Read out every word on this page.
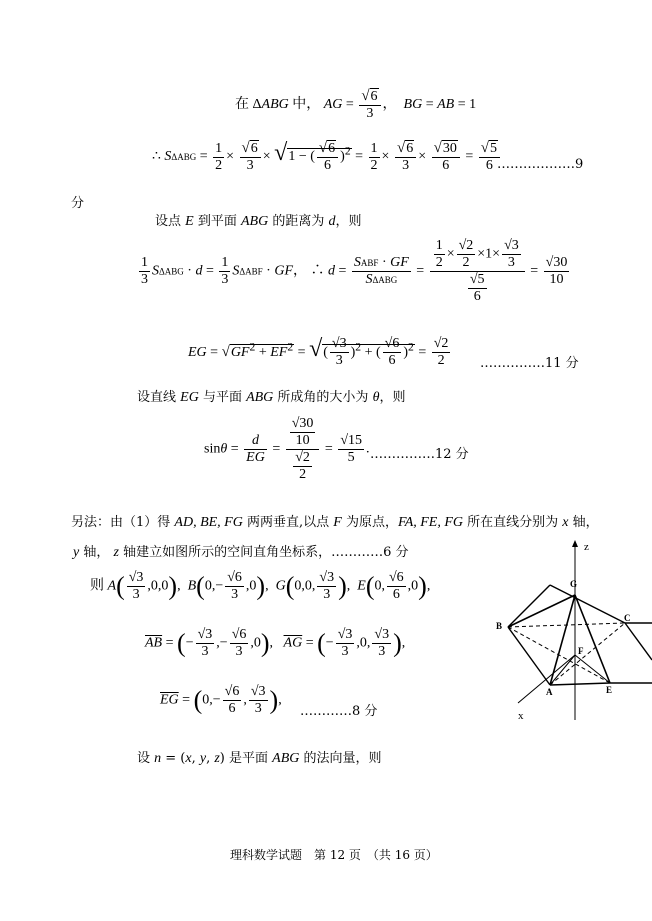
在 ΔABG 中， AG = $\frac{√6}{3}$ ，  BG = AB = 1
∴ $S\Delta ABG = \frac{1}{2} \times \frac{√6}{3} \times √1$ − ( $\frac{√6}{6} )^2 = \frac{1}{2} \times \frac{√6}{3} \times \frac{√30}{6} = \frac{√5}{6}$
………………9
分
设点 E 到平面 ABG 的距离为 d，则
$\frac{1}{3}$ $S\Delta ABG \cdot d = \frac{1}{3}$ SΔABF · GF， ∴ $d = \frac{\text{SABF · GF}}{\text{SΔABG}} = \frac{\frac{1}{2} \times \frac{√2}{2} \times 1\times \frac{√3}{3}}{\frac{√5}{6}} = \frac{√30}{10}$
EG = $√GF^2 + EF^2$ = √( $\frac{√3}{3} )^2$ + ( $\frac{√6}{6} )^2 = \frac{√2}{2}$ ……………11 分
设直线 EG 与平面 ABG 所成角的大小为 θ，则
$\sin\theta = \frac{d}{EG} = \frac{\frac{√30}{10}}{\frac{√2}{2}} = \frac{√15}{5}$ . ……………12 分
另法：由（1）得 AD, BE, FG 两两垂直,以点 F 为原点，FA, FE, FG 所在直线分别为 x 轴，
y 轴， z 轴建立如图所示的空间直角坐标系，…………6 分
则 $A( \frac{√3}{3} ,0,0)$,  $B(0,- \frac{√6}{3} ,0)$,  G(0,0, $\frac{√3}{3}$ ),  E(0, $\frac{√6}{6} ,0$),
$\overline{AB}$ = (− $\frac{√3}{3}$ ,− $\frac{√6}{3} ,0$),   $\overline{AG}$ = (− $\frac{√3}{3} ,0$, $\frac{√3}{3}$ ),
$\overline{EG} = (0,- \frac{√6}{6}$ , $\frac{√3}{3}$ ),
…………8 分
设 n = (x, y, z) 是平面 ABG 的法向量，则
理科数学试题　第 12 页　（共 16 页）
z
x
G
B
C
F
A	E
